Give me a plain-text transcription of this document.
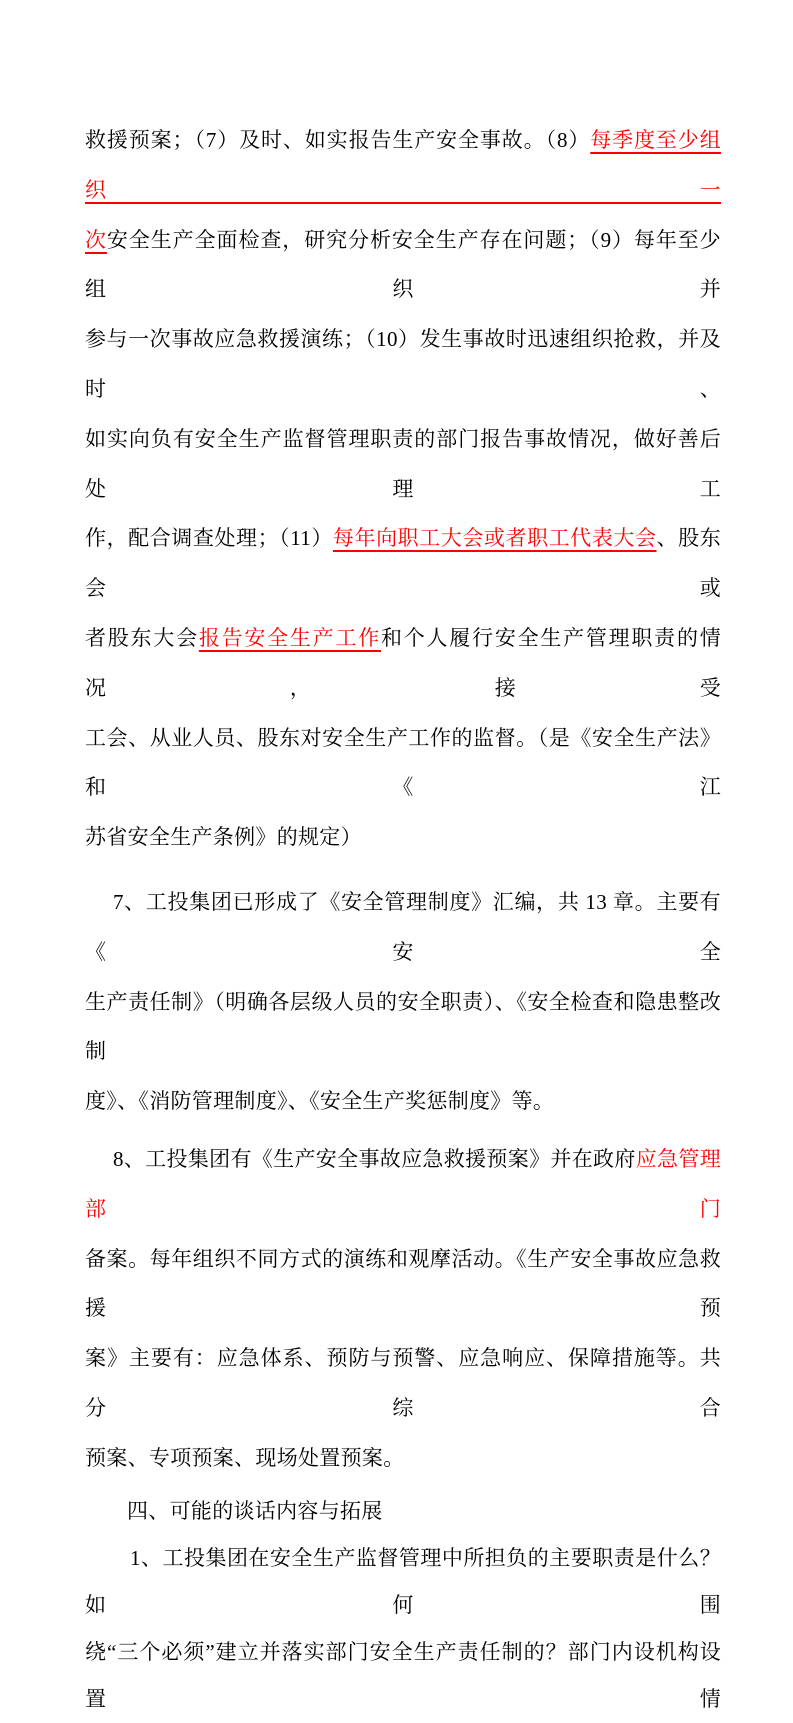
救援预案；（7）及时、如实报告生产安全事故。（8）每季度至少组织一
次安全生产全面检查，研究分析安全生产存在问题；（9）每年至少组织并
参与一次事故应急救援演练；（10）发生事故时迅速组织抢救，并及时、
如实向负有安全生产监督管理职责的部门报告事故情况，做好善后处理工
作，配合调查处理；（11）每年向职工大会或者职工代表大会、股东会或
者股东大会报告安全生产工作和个人履行安全生产管理职责的情况，接受
工会、从业人员、股东对安全生产工作的监督。（是《安全生产法》和《江
苏省安全生产条例》的规定）
7、工投集团已形成了《安全管理制度》汇编，共 13 章。主要有《安全
生产责任制》（明确各层级人员的安全职责）、《安全检查和隐患整改制
度》、《消防管理制度》、《安全生产奖惩制度》等。
8、工投集团有《生产安全事故应急救援预案》并在政府应急管理部门
备案。每年组织不同方式的演练和观摩活动。《生产安全事故应急救援预
案》主要有：应急体系、预防与预警、应急响应、保障措施等。共分综合
预案、专项预案、现场处置预案。
四、可能的谈话内容与拓展
1、工投集团在安全生产监督管理中所担负的主要职责是什么？如何围
绕“三个必须”建立并落实部门安全生产责任制的？部门内设机构设置情
